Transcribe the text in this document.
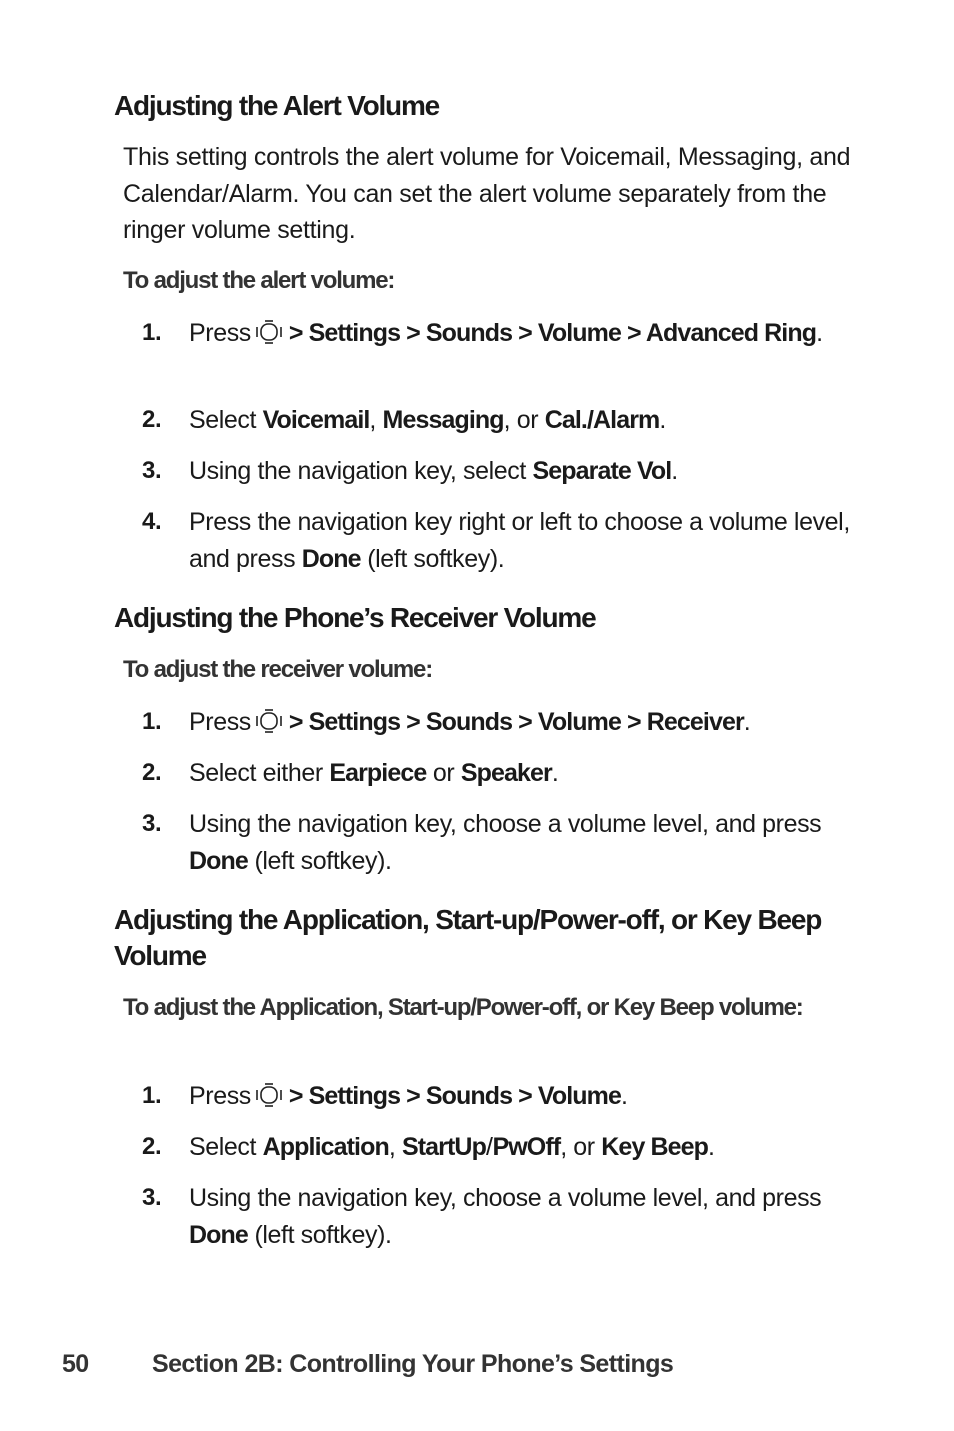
Adjusting the Alert Volume

This setting controls the alert volume for Voicemail, Messaging, and Calendar/Alarm. You can set the alert volume separately from the ringer volume setting.

To adjust the alert volume:

1. Press > Settings > Sounds > Volume > Advanced Ring.
2. Select Voicemail, Messaging, or Cal./Alarm.
3. Using the navigation key, select Separate Vol.
4. Press the navigation key right or left to choose a volume level, and press Done (left softkey).
Adjusting the Phone’s Receiver Volume

To adjust the receiver volume:

1. Press > Settings > Sounds > Volume > Receiver.
2. Select either Earpiece or Speaker.
3. Using the navigation key, choose a volume level, and press Done (left softkey).
Adjusting the Application, Start-up/Power-off, or Key Beep Volume

To adjust the Application, Start-up/Power-off, or Key Beep volume:

1. Press > Settings > Sounds > Volume.
2. Select Application, StartUp/PwOff, or Key Beep.
3. Using the navigation key, choose a volume level, and press Done (left softkey).
50	Section 2B: Controlling Your Phone’s Settings
